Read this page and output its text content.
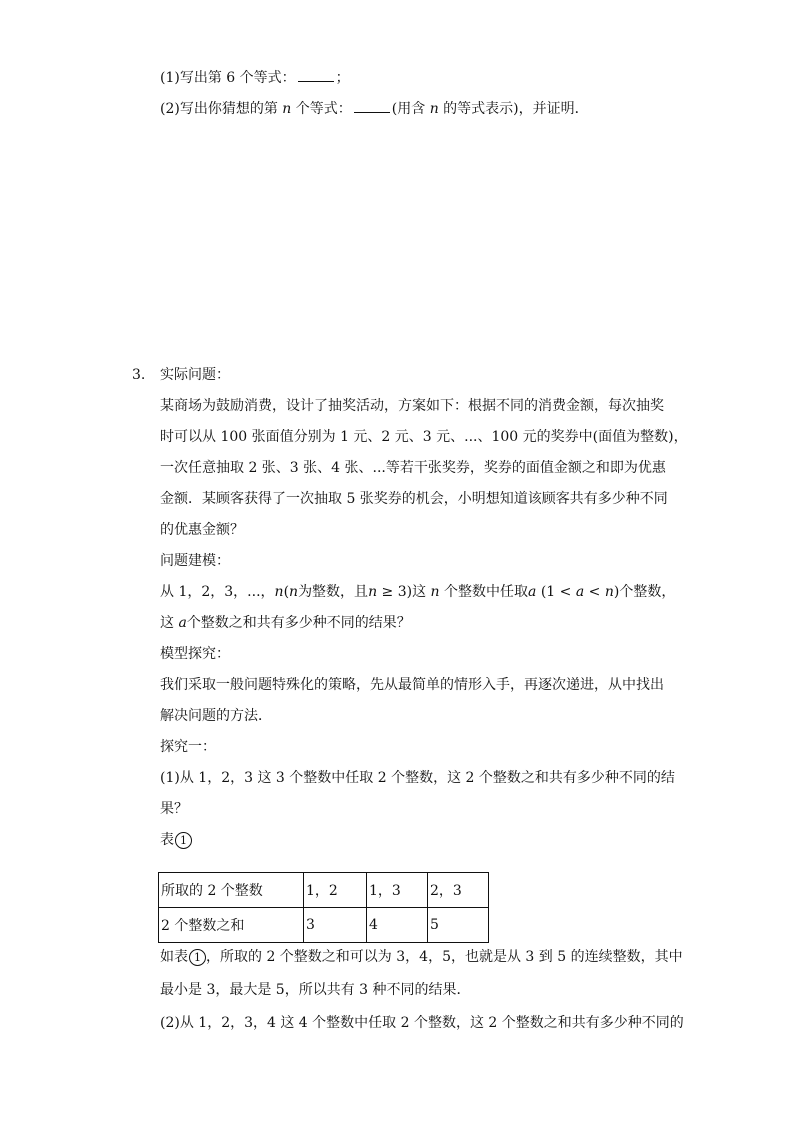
(1)写出第 6 个等式：	；
(2)写出你猜想的第 n 个等式：	(用含 n 的等式表示)，并证明．
3. 实际问题：
某商场为鼓励消费，设计了抽奖活动，方案如下：根据不同的消费金额，每次抽奖
时可以从 100 张面值分别为 1 元、2 元、3 元、...、100 元的奖券中(面值为整数)，
一次任意抽取 2 张、3 张、4 张、...等若干张奖券，奖券的面值金额之和即为优惠
金额．某顾客获得了一次抽取 5 张奖券的机会，小明想知道该顾客共有多少种不同
的优惠金额？
问题建模：
从 1，2，3，...，n(n为整数，且n ≥ 3)这 n 个整数中任取a (1 < a < n)个整数，
这 a个整数之和共有多少种不同的结果？
模型探究：
我们采取一般问题特殊化的策略，先从最简单的情形入手，再逐次递进，从中找出
解决问题的方法．
探究一：
(1)从 1，2，3 这 3 个整数中任取 2 个整数，这 2 个整数之和共有多少种不同的结
果？
表 1
所取的 2 个整数	1，2	1，3	2，3
2 个整数之和	3	4	5
如表 1 ，所取的 2 个整数之和可以为 3，4，5，也就是从 3 到 5 的连续整数，其中
最小是 3，最大是 5，所以共有 3 种不同的结果．
(2)从 1，2，3，4 这 4 个整数中任取 2 个整数，这 2 个整数之和共有多少种不同的
